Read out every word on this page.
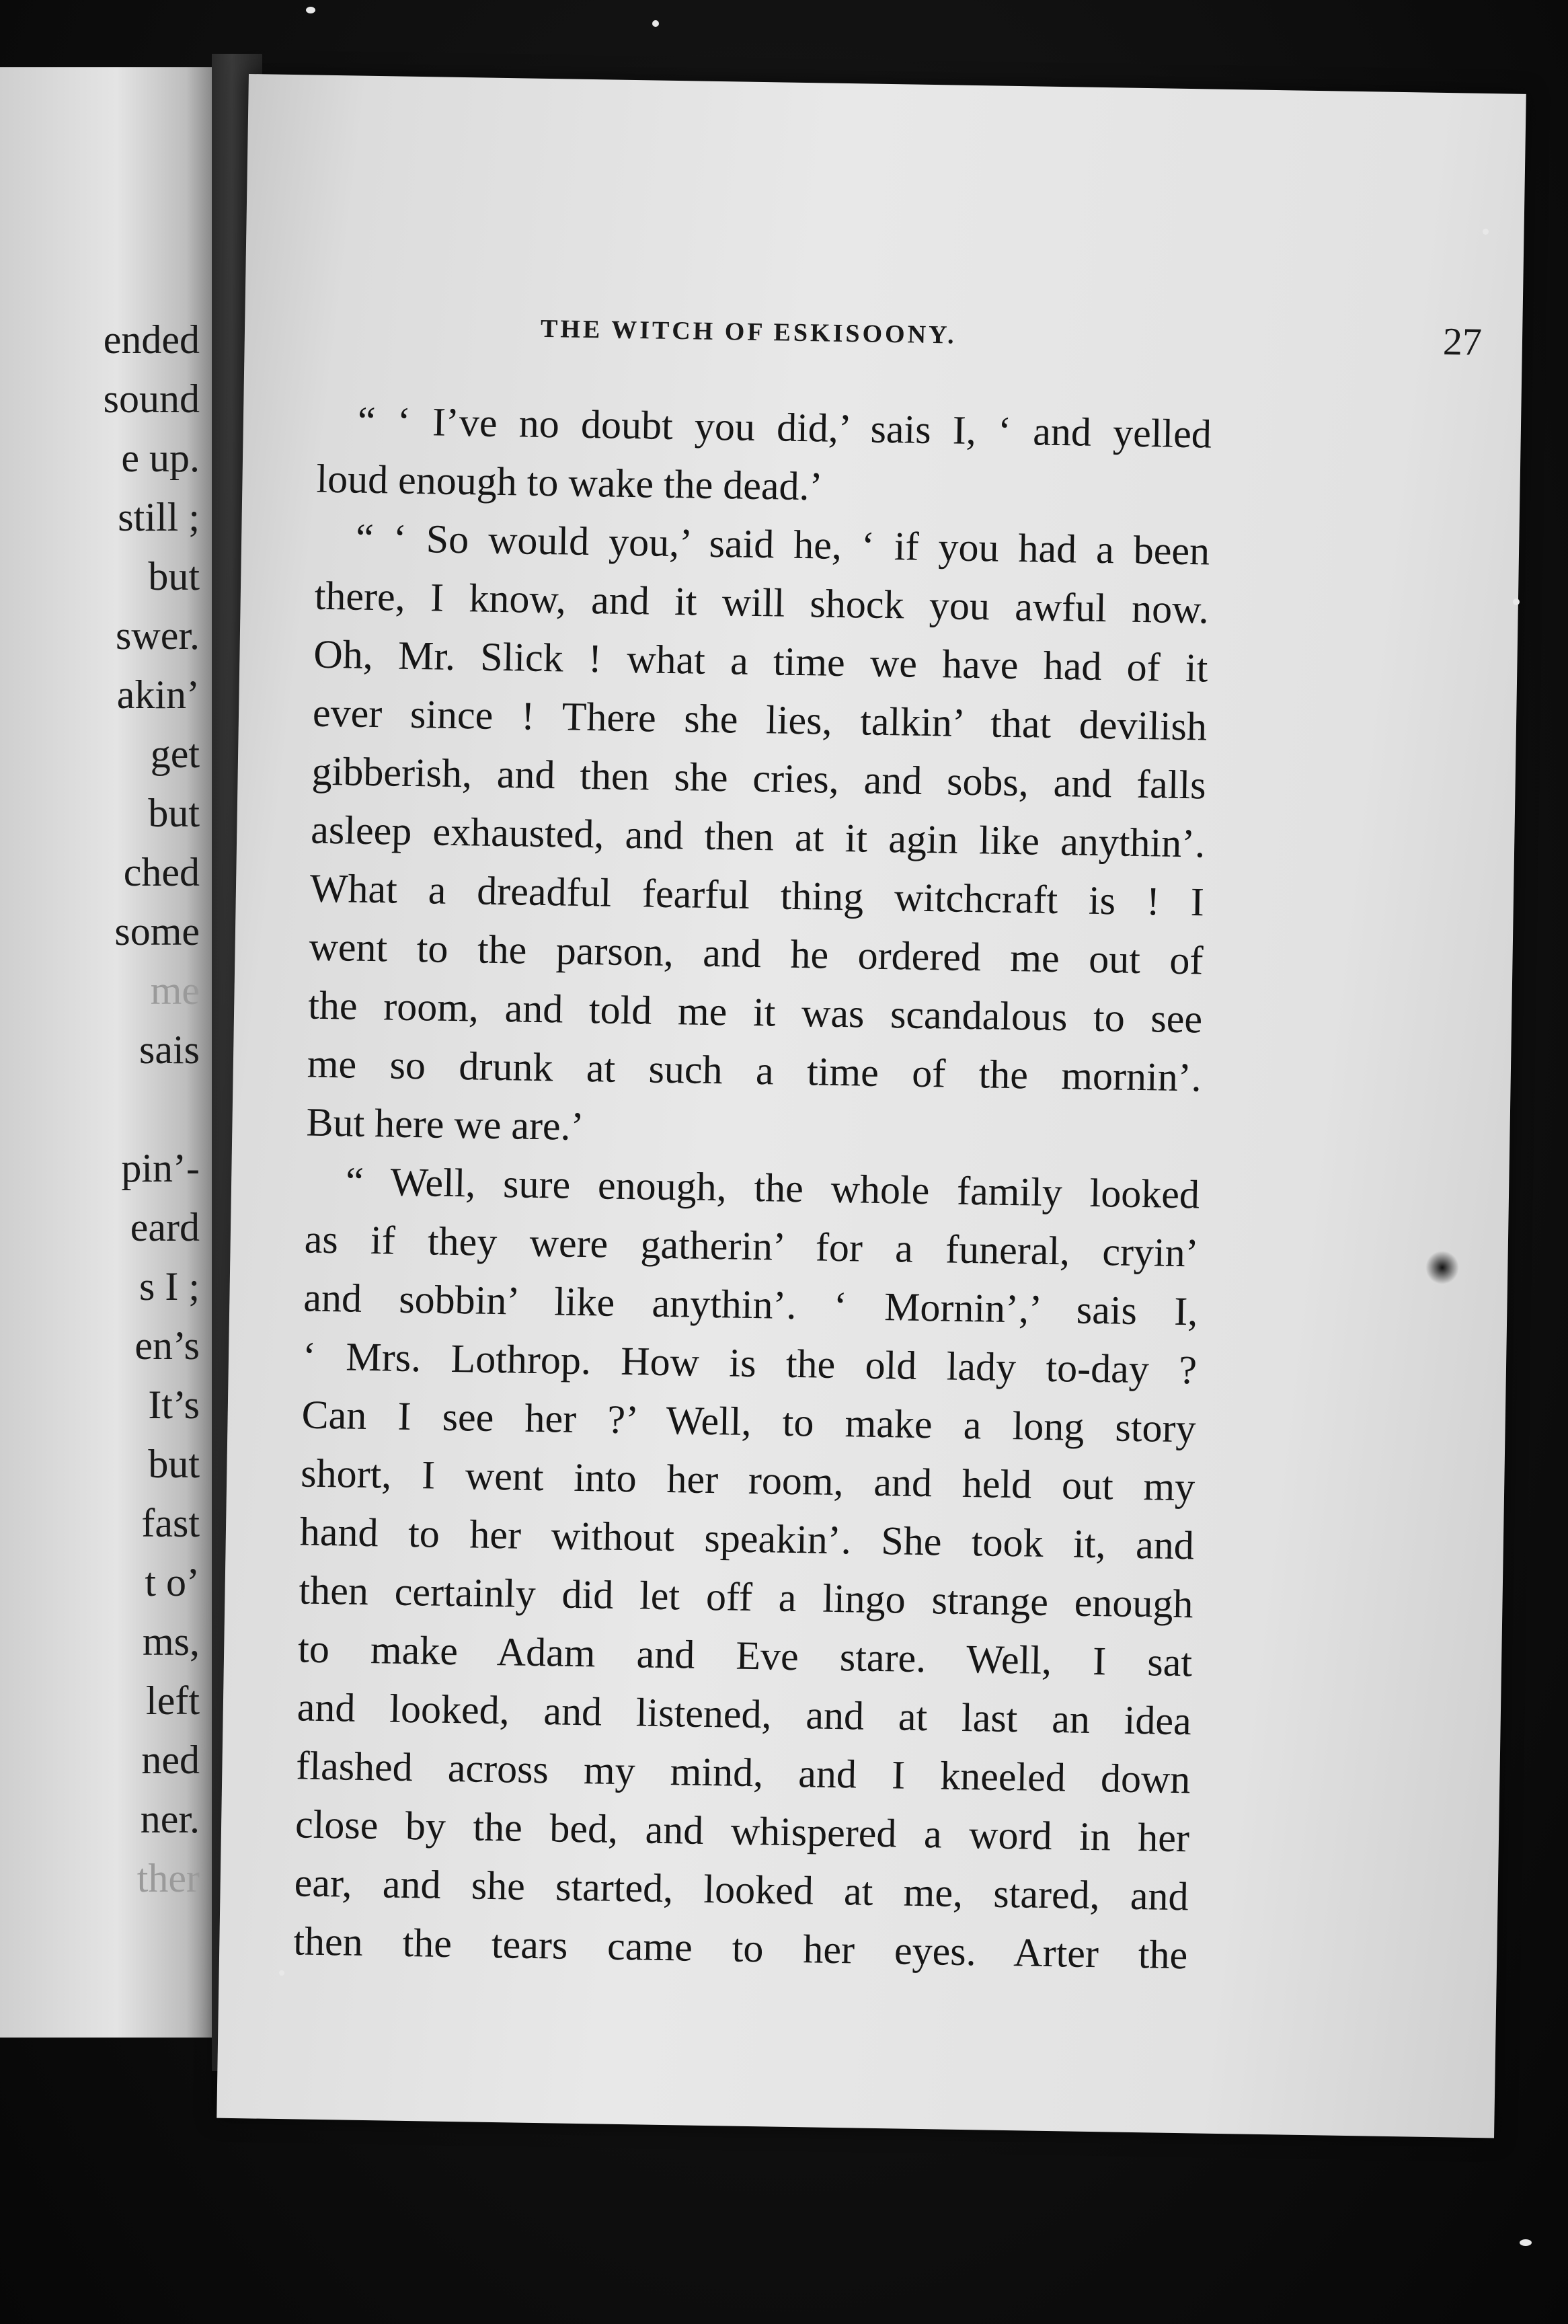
ended
sound
e up.
still ;
but
swer.
akin’
get
but
ched
some
me
sais
pin’-
eard
s I ;
en’s
It’s
but
fast
t o’
ms,
left
ned
ner.
ther
THE WITCH OF ESKISOONY.	27
“ ‘ I’ve no doubt you did,’ sais I, ‘ and yelled
loud enough to wake the dead.’
“ ‘ So would you,’ said he, ‘ if you had a been
there, I know, and it will shock you awful now.
Oh, Mr. Slick ! what a time we have had of it
ever since ! There she lies, talkin’ that devilish
gibberish, and then she cries, and sobs, and falls
asleep exhausted, and then at it agin like anythin’.
What a dreadful fearful thing witchcraft is ! I
went to the parson, and he ordered me out of
the room, and told me it was scandalous to see
me so drunk at such a time of the mornin’.
But here we are.’
“ Well, sure enough, the whole family looked
as if they were gatherin’ for a funeral, cryin’
and sobbin’ like anythin’. ‘ Mornin’,’ sais I,
‘ Mrs. Lothrop. How is the old lady to-day ?
Can I see her ?’ Well, to make a long story
short, I went into her room, and held out my
hand to her without speakin’. She took it, and
then certainly did let off a lingo strange enough
to make Adam and Eve stare. Well, I sat
and looked, and listened, and at last an idea
flashed across my mind, and I kneeled down
close by the bed, and whispered a word in her
ear, and she started, looked at me, stared, and
then the tears came to her eyes. Arter the
